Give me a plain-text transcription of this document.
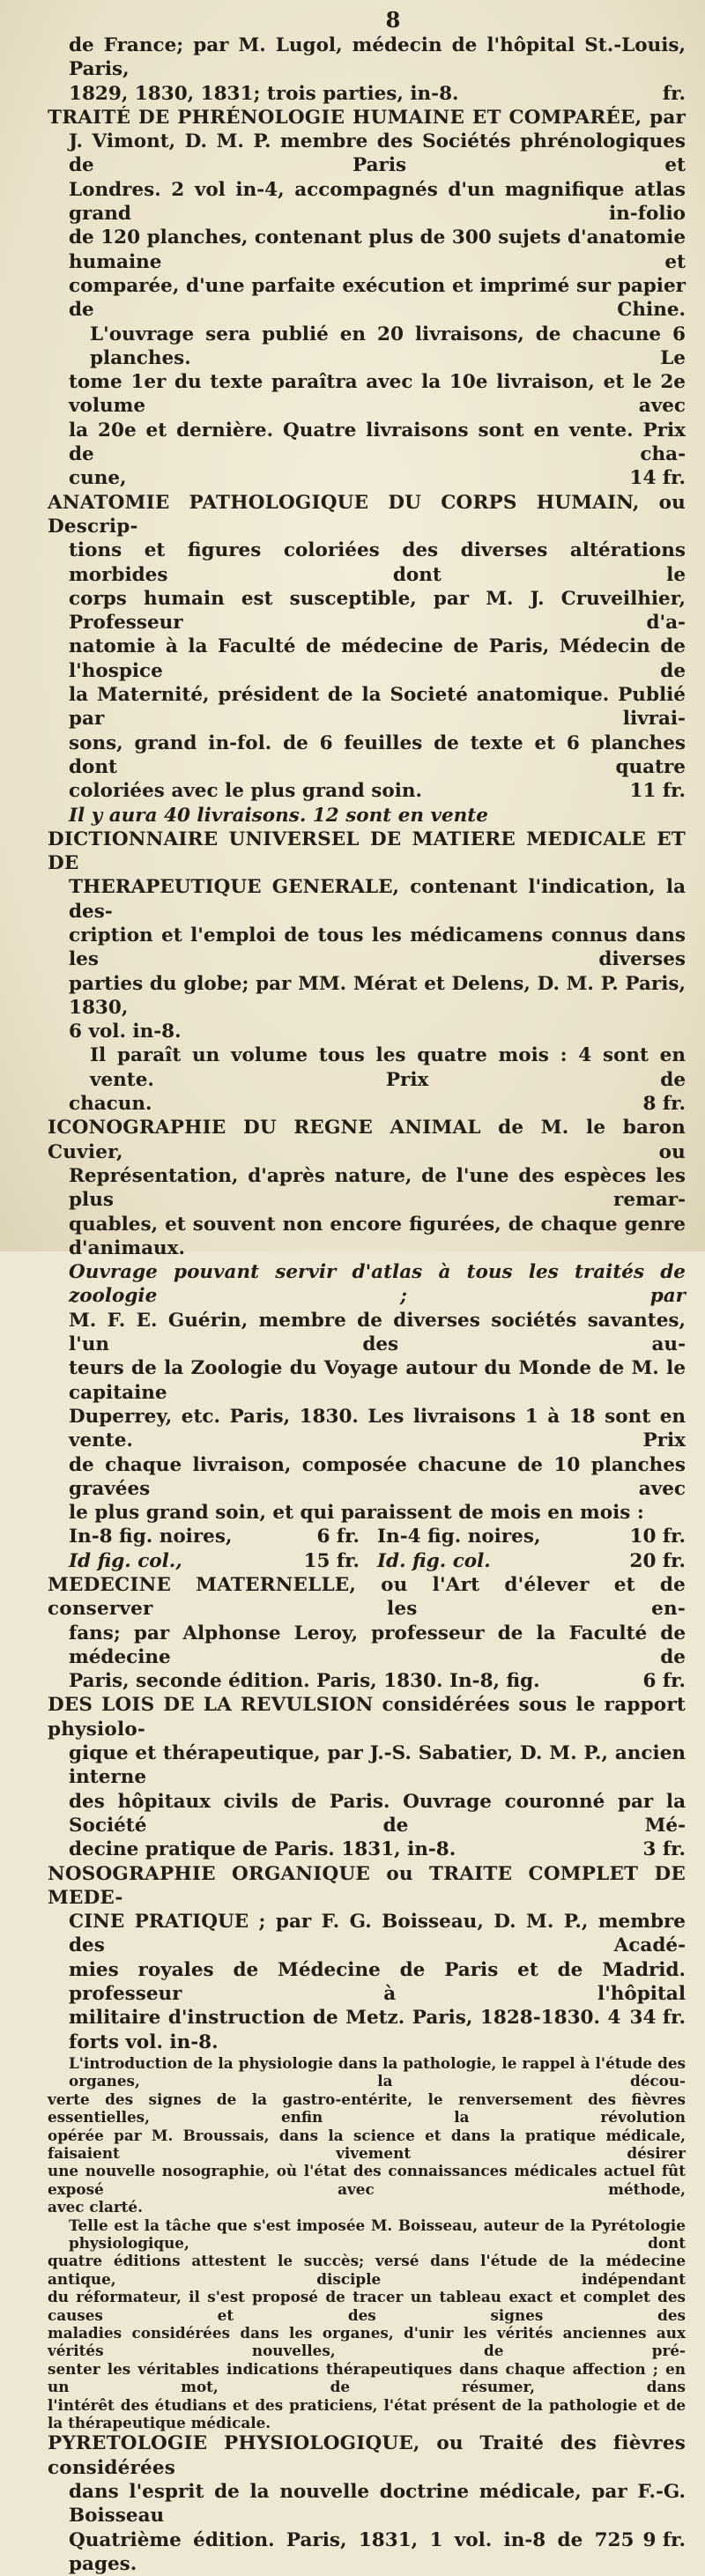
8

de France; par M. Lugol, médecin de l'hôpital St.-Louis, Paris,

fr.
1829, 1830, 1831; trois parties, in-8.

TRAITÉ DE PHRÉNOLOGIE HUMAINE ET COMPARÉE, par

J. Vimont, D. M. P. membre des Sociétés phrénologiques de Paris et

Londres. 2 vol in-4, accompagnés d'un magnifique atlas grand in-folio

de 120 planches, contenant plus de 300 sujets d'anatomie humaine et

comparée, d'une parfaite exécution et imprimé sur papier de Chine.

L'ouvrage sera publié en 20 livraisons, de chacune 6 planches. Le

tome 1er du texte paraîtra avec la 10e livraison, et le 2e volume avec

la 20e et dernière. Quatre livraisons sont en vente. Prix de cha-

14 fr.
cune,

ANATOMIE PATHOLOGIQUE DU CORPS HUMAIN, ou Descrip-

tions et figures coloriées des diverses altérations morbides dont le

corps humain est susceptible, par M. J. Cruveilhier, Professeur d'a-

natomie à la Faculté de médecine de Paris, Médecin de l'hospice de

la Maternité, président de la Societé anatomique. Publié par livrai-

sons, grand in-fol. de 6 feuilles de texte et 6 planches dont quatre

11 fr.
coloriées avec le plus grand soin.

Il y aura 40 livraisons. 12 sont en vente

DICTIONNAIRE UNIVERSEL DE MATIERE MEDICALE ET DE

THERAPEUTIQUE GENERALE, contenant l'indication, la des-

cription et l'emploi de tous les médicamens connus dans les diverses

parties du globe; par MM. Mérat et Delens, D. M. P. Paris, 1830,

6 vol. in-8.

Il paraît un volume tous les quatre mois : 4 sont en vente. Prix de

8 fr.
chacun.

ICONOGRAPHIE DU REGNE ANIMAL de M. le baron Cuvier, ou

Représentation, d'après nature, de l'une des espèces les plus remar-

quables, et souvent non encore figurées, de chaque genre d'animaux.

Ouvrage pouvant servir d'atlas à tous les traités de zoologie ; par

M. F. E. Guérin, membre de diverses sociétés savantes, l'un des au-

teurs de la Zoologie du Voyage autour du Monde de M. le capitaine

Duperrey, etc. Paris, 1830. Les livraisons 1 à 18 sont en vente. Prix

de chaque livraison, composée chacune de 10 planches gravées avec

le plus grand soin, et qui paraissent de mois en mois :

In-8 fig. noires,	6 fr. In-4 fig. noires,	10 fr.
Id fig. col.,	15 fr. Id. fig. col.	20 fr.

MEDECINE MATERNELLE, ou l'Art d'élever et de conserver les en-

fans; par Alphonse Leroy, professeur de la Faculté de médecine de

6 fr.
Paris, seconde édition. Paris, 1830. In-8, fig.

DES LOIS DE LA REVULSION considérées sous le rapport physiolo-

gique et thérapeutique, par J.-S. Sabatier, D. M. P., ancien interne

des hôpitaux civils de Paris. Ouvrage couronné par la Société de Mé-

3 fr.
decine pratique de Paris. 1831, in-8.

NOSOGRAPHIE ORGANIQUE ou TRAITE COMPLET DE MEDE-

CINE PRATIQUE ; par F. G. Boisseau, D. M. P., membre des Acadé-

mies royales de Médecine de Paris et de Madrid. professeur à l'hôpital

34 fr.
militaire d'instruction de Metz. Paris, 1828-1830. 4 forts vol. in-8.

L'introduction de la physiologie dans la pathologie, le rappel à l'étude des organes, la décou-

verte des signes de la gastro-entérite, le renversement des fièvres essentielles, enfin la révolution

opérée par M. Broussais, dans la science et dans la pratique médicale, faisaient vivement désirer

une nouvelle nosographie, où l'état des connaissances médicales actuel fût exposé avec méthode,

avec clarté.

Telle est la tâche que s'est imposée M. Boisseau, auteur de la Pyrétologie physiologique, dont

quatre éditions attestent le succès; versé dans l'étude de la médecine antique, disciple indépendant

du réformateur, il s'est proposé de tracer un tableau exact et complet des causes et des signes des

maladies considérées dans les organes, d'unir les vérités anciennes aux vérités nouvelles, de pré-

senter les véritables indications thérapeutiques dans chaque affection ; en un mot, de résumer, dans

l'intérêt des étudians et des praticiens, l'état présent de la pathologie et de la thérapeutique médicale.

PYRETOLOGIE PHYSIOLOGIQUE, ou Traité des fièvres considérées

dans l'esprit de la nouvelle doctrine médicale, par F.-G. Boisseau

9 fr.
Quatrième édition. Paris, 1831, 1 vol. in-8 de 725 pages.
